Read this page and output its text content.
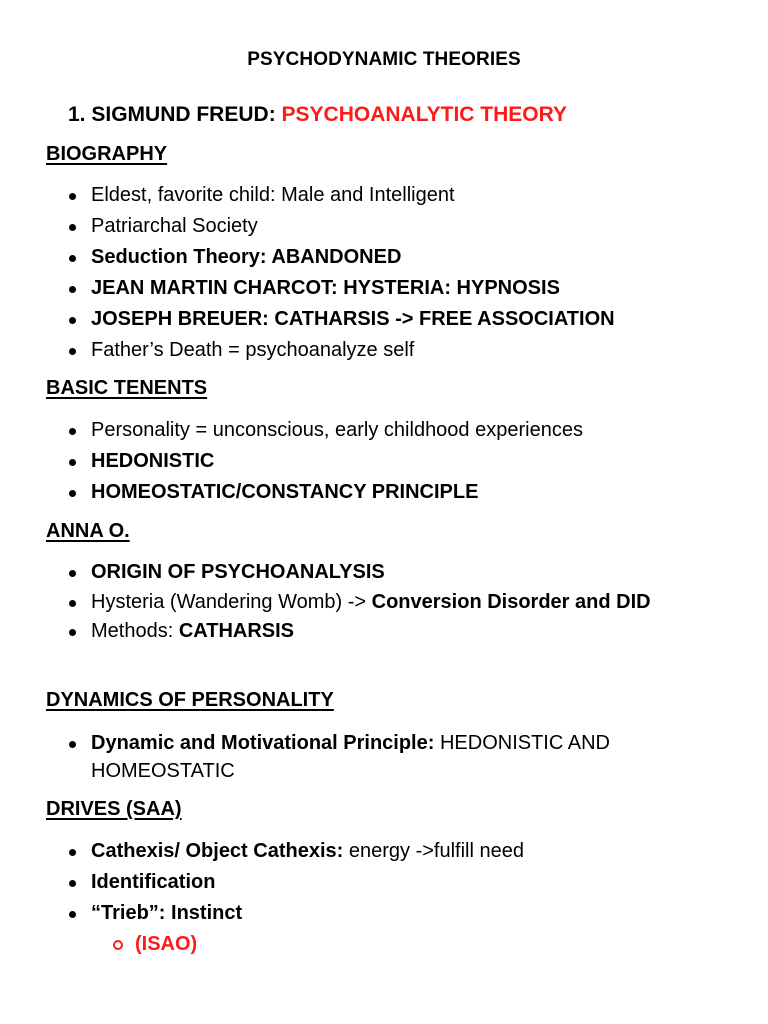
PSYCHODYNAMIC THEORIES
1. SIGMUND FREUD: PSYCHOANALYTIC THEORY
BIOGRAPHY
Eldest, favorite child: Male and Intelligent
Patriarchal Society
Seduction Theory: ABANDONED
JEAN MARTIN CHARCOT: HYSTERIA: HYPNOSIS
JOSEPH BREUER: CATHARSIS -> FREE ASSOCIATION
Father’s Death = psychoanalyze self
BASIC TENENTS
Personality = unconscious, early childhood experiences
HEDONISTIC
HOMEOSTATIC/CONSTANCY PRINCIPLE
ANNA O.
ORIGIN OF PSYCHOANALYSIS
Hysteria (Wandering Womb) -> Conversion Disorder and DID
Methods: CATHARSIS
DYNAMICS OF PERSONALITY
Dynamic and Motivational Principle: HEDONISTIC AND HOMEOSTATIC
DRIVES (SAA)
Cathexis/ Object Cathexis: energy ->fulfill need
Identification
“Trieb”: Instinct
(ISAO)
